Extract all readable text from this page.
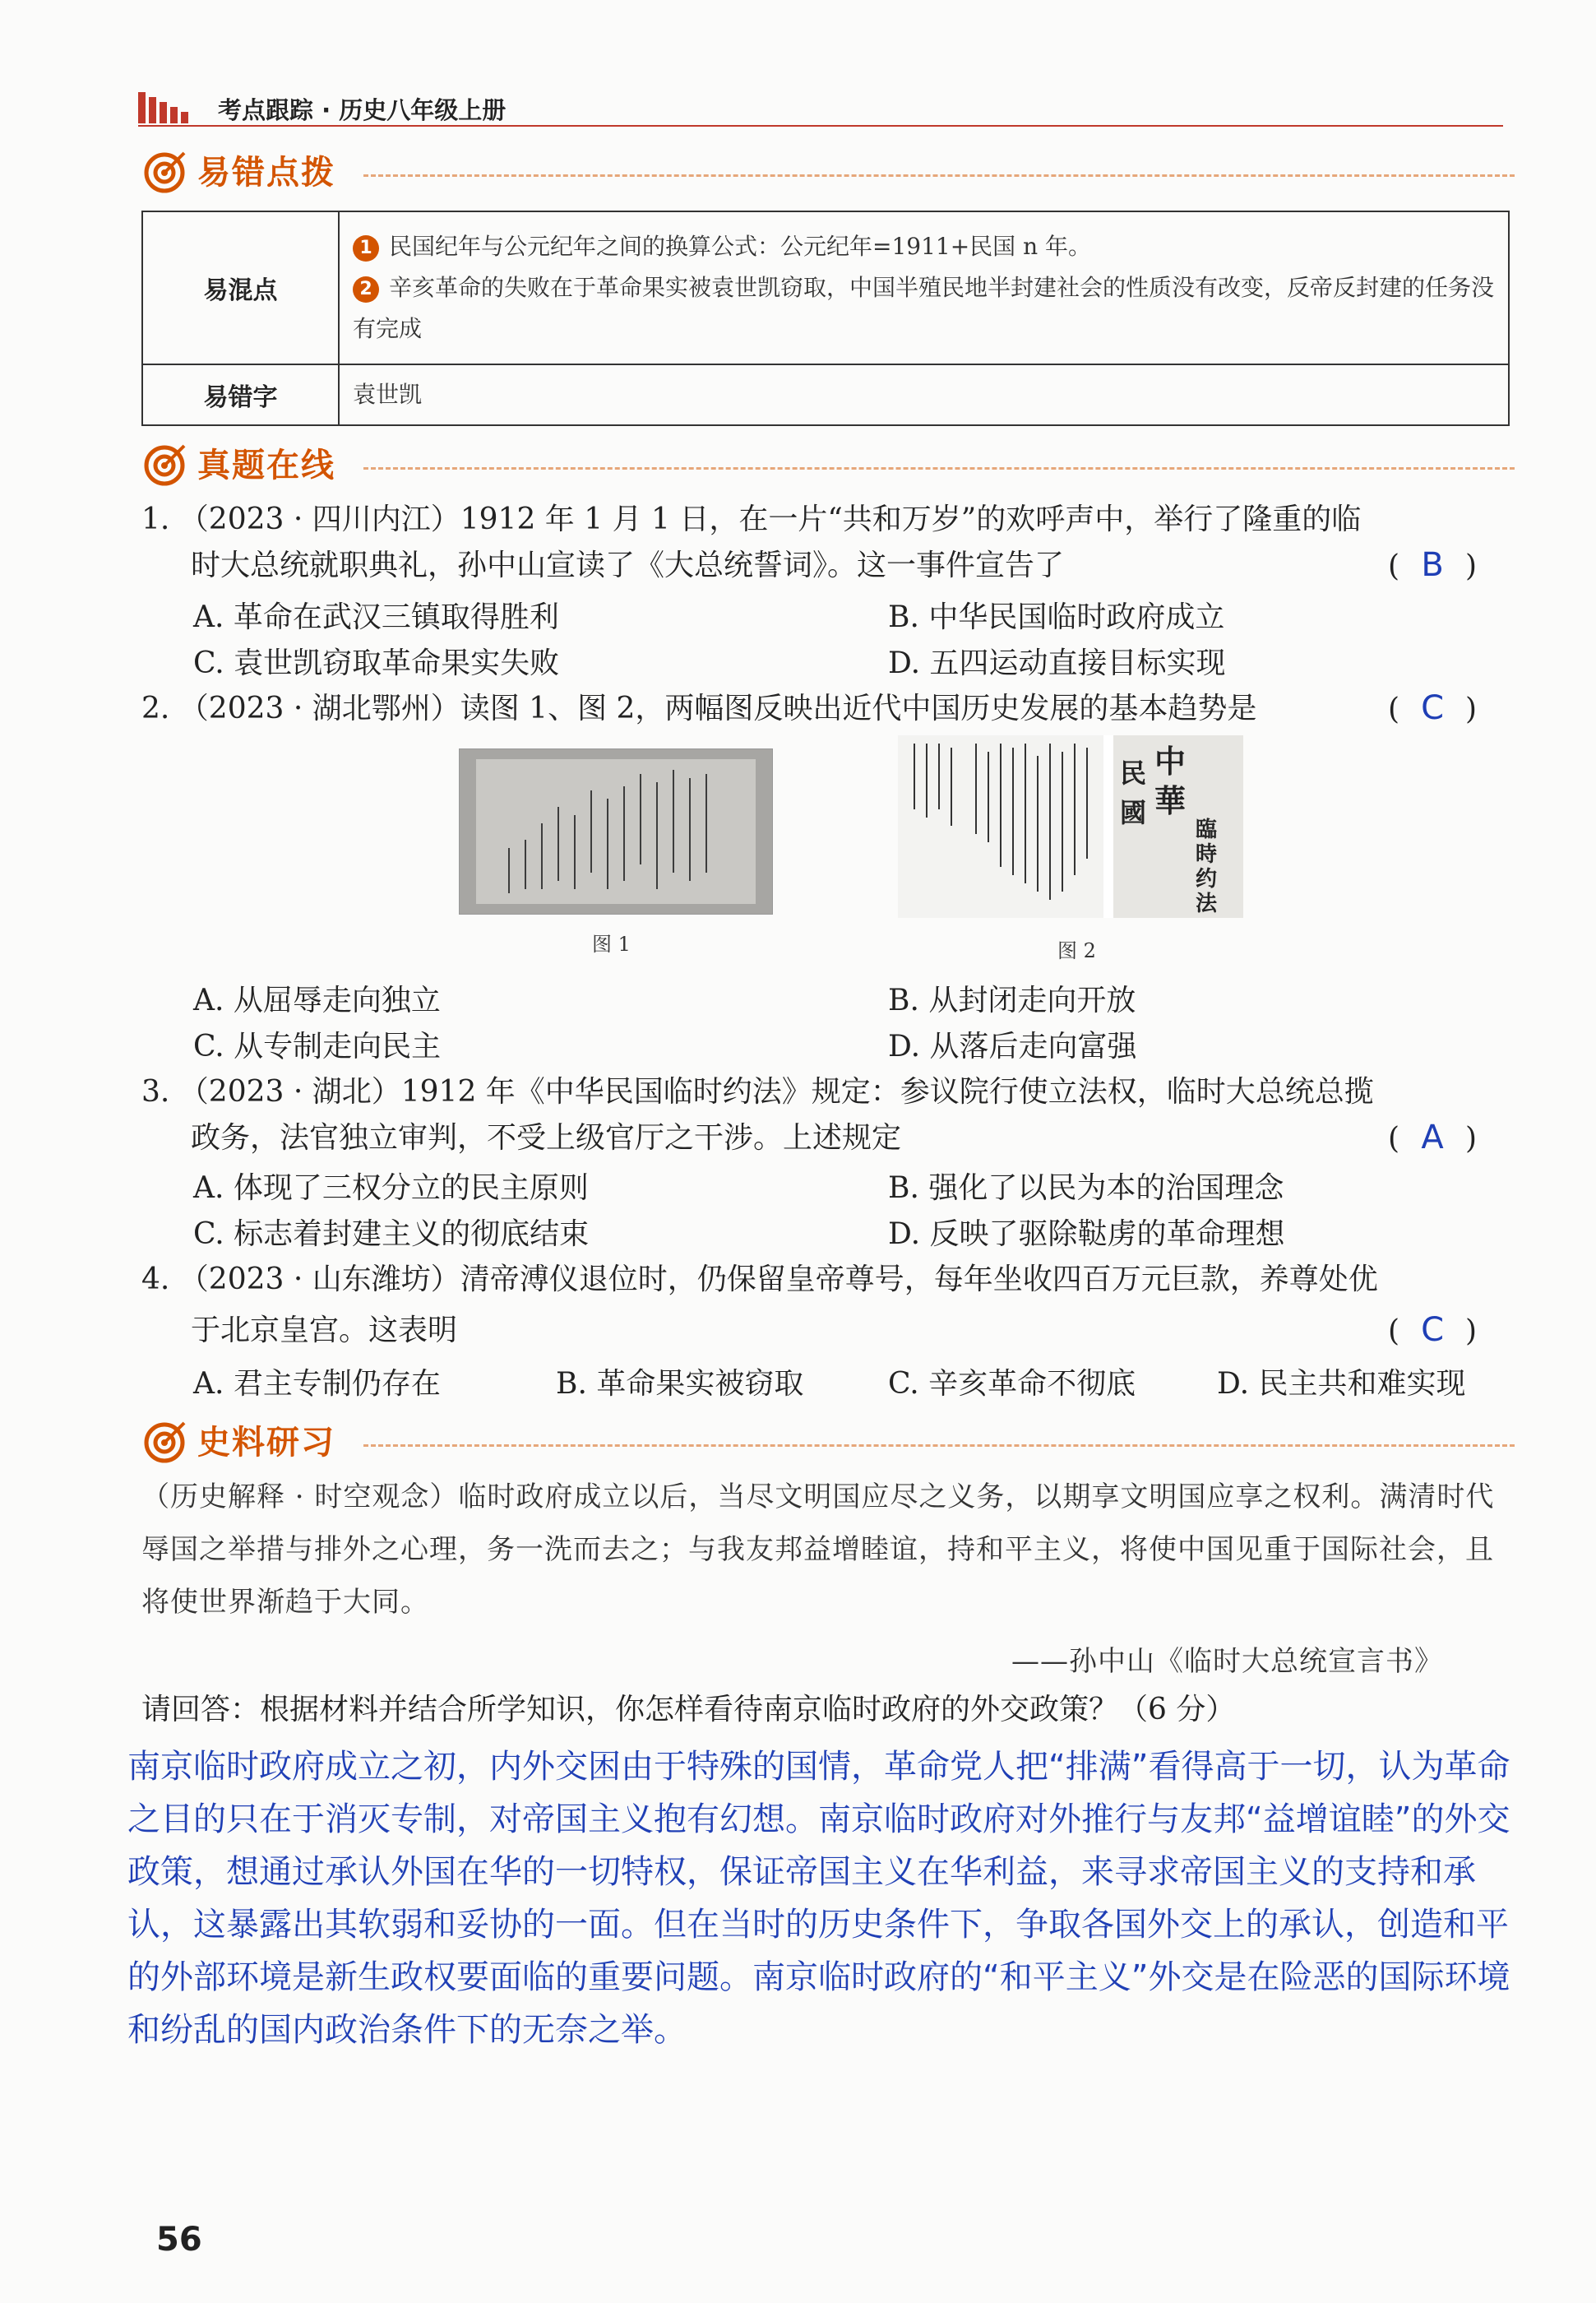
考点跟踪 · 历史八年级上册
易错点拨
易混点	1 民国纪年与公元纪年之间的换算公式：公元纪年=1911+民国 n 年。
2 辛亥革命的失败在于革命果实被袁世凯窃取，中国半殖民地半封建社会的性质没有改变，反帝反封建的任务没有完成

易错字	袁世凯
真题在线
1. （2023 · 四川内江）1912 年 1 月 1 日，在一片“共和万岁”的欢呼声中，举行了隆重的临
时大总统就职典礼，孙中山宣读了《大总统誓词》。这一事件宣告了	( B )
A. 革命在武汉三镇取得胜利	B. 中华民国临时政府成立
C. 袁世凯窃取革命果实失败	D. 五四运动直接目标实现
2. （2023 · 湖北鄂州）读图 1、图 2，两幅图反映出近代中国历史发展的基本趋势是	( C )
图 1
中華
民國
臨時约法
图 2
A. 从屈辱走向独立	B. 从封闭走向开放
C. 从专制走向民主	D. 从落后走向富强
3. （2023 · 湖北）1912 年《中华民国临时约法》规定：参议院行使立法权，临时大总统总揽
政务，法官独立审判，不受上级官厅之干涉。上述规定	( A )
A. 体现了三权分立的民主原则	B. 强化了以民为本的治国理念
C. 标志着封建主义的彻底结束	D. 反映了驱除鞑虏的革命理想
4. （2023 · 山东潍坊）清帝溥仪退位时，仍保留皇帝尊号，每年坐收四百万元巨款，养尊处优
于北京皇宫。这表明	( C )
A. 君主专制仍存在	B. 革命果实被窃取	C. 辛亥革命不彻底	D. 民主共和难实现
史料研习
（历史解释 · 时空观念）临时政府成立以后，当尽文明国应尽之义务，以期享文明国应享之权利。满清时代辱国之举措与排外之心理，务一洗而去之；与我友邦益增睦谊，持和平主义，将使中国见重于国际社会，且将使世界渐趋于大同。
——孙中山《临时大总统宣言书》
请回答：根据材料并结合所学知识，你怎样看待南京临时政府的外交政策？（6 分）
南京临时政府成立之初，内外交困由于特殊的国情，革命党人把“排满”看得高于一切，认为革命之目的只在于消灭专制，对帝国主义抱有幻想。南京临时政府对外推行与友邦“益增谊睦”的外交政策，想通过承认外国在华的一切特权，保证帝国主义在华利益，来寻求帝国主义的支持和承认，这暴露出其软弱和妥协的一面。但在当时的历史条件下，争取各国外交上的承认，创造和平的外部环境是新生政权要面临的重要问题。南京临时政府的“和平主义”外交是在险恶的国际环境和纷乱的国内政治条件下的无奈之举。
56
